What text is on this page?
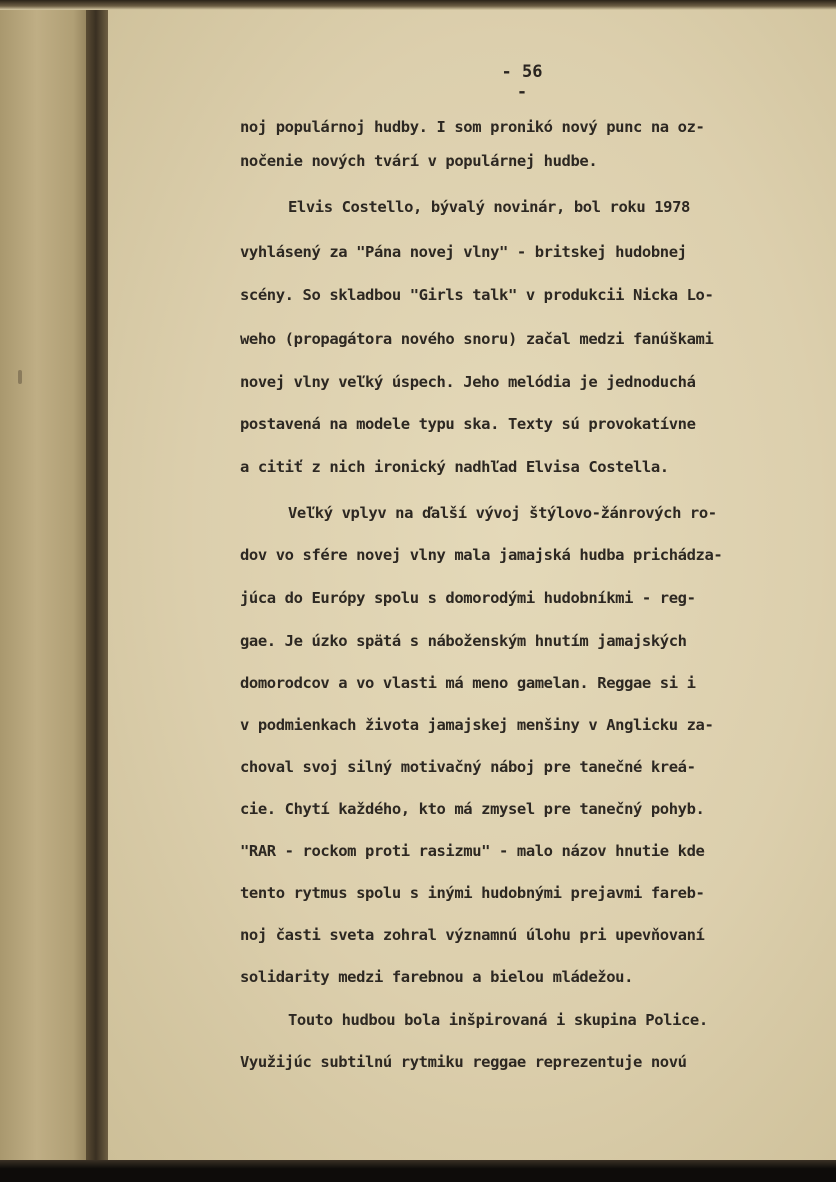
- 56 -

noj populárnoj hudby. I som pronikó nový punc na oz-

nočenie nových tvárí v populárnej hudbe.

Elvis Costello, bývalý novinár, bol roku 1978

vyhlásený za "Pána novej vlny" - britskej hudobnej

scény. So skladbou "Girls talk" v produkcii Nicka Lo-

weho (propagátora nového snoru) začal medzi fanúškami

novej vlny veľký úspech. Jeho melódia je jednoduchá

postavená na modele typu ska. Texty sú provokatívne

a citiť z nich ironický nadhľad Elvisa Costella.

Veľký vplyv na ďalší vývoj štýlovo-žánrových ro-

dov vo sfére novej vlny mala jamajská hudba prichádza-

júca do Európy spolu s domorodými hudobníkmi - reg-

gae. Je úzko spätá s náboženským hnutím jamajských

domorodcov a vo vlasti má meno gamelan. Reggae si i

v podmienkach života jamajskej menšiny v Anglicku za-

choval svoj silný motivačný náboj pre tanečné kreá-

cie. Chytí každého, kto má zmysel pre tanečný pohyb.

"RAR - rockom proti rasizmu" - malo názov hnutie kde

tento rytmus spolu s inými hudobnými prejavmi fareb-

noj časti sveta zohral významnú úlohu pri upevňovaní

solidarity medzi farebnou a bielou mládežou.

Touto hudbou bola inšpirovaná i skupina Police.

Využijúc subtilnú rytmiku reggae reprezentuje novú
